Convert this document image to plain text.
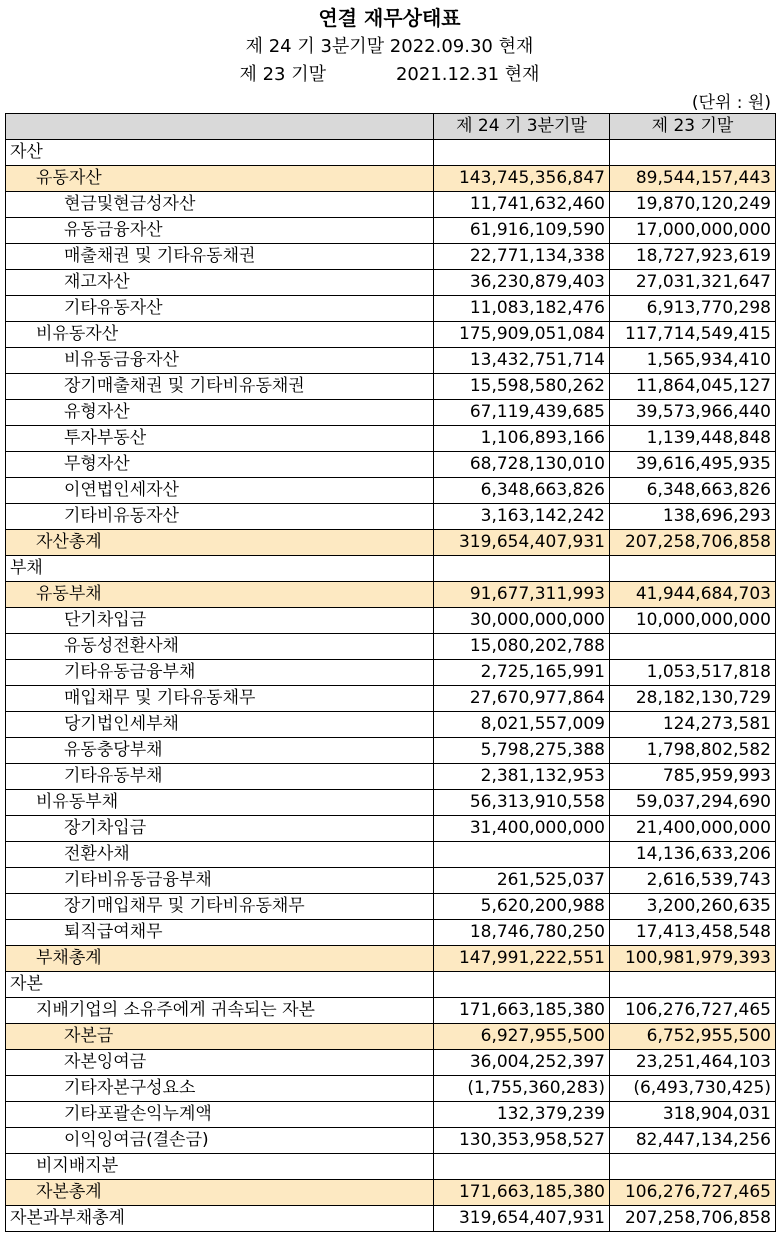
연결 재무상태표
제 24 기 3분기말 2022.09.30 현재
제 23 기말	2021.12.31 현재
(단위 : 원)
	제 24 기 3분기말	제 23 기말
자산		
유동자산	143,745,356,847	89,544,157,443
현금및현금성자산	11,741,632,460	19,870,120,249
유동금융자산	61,916,109,590	17,000,000,000
매출채권 및 기타유동채권	22,771,134,338	18,727,923,619
재고자산	36,230,879,403	27,031,321,647
기타유동자산	11,083,182,476	6,913,770,298
비유동자산	175,909,051,084	117,714,549,415
비유동금융자산	13,432,751,714	1,565,934,410
장기매출채권 및 기타비유동채권	15,598,580,262	11,864,045,127
유형자산	67,119,439,685	39,573,966,440
투자부동산	1,106,893,166	1,139,448,848
무형자산	68,728,130,010	39,616,495,935
이연법인세자산	6,348,663,826	6,348,663,826
기타비유동자산	3,163,142,242	138,696,293
자산총계	319,654,407,931	207,258,706,858
부채		
유동부채	91,677,311,993	41,944,684,703
단기차입금	30,000,000,000	10,000,000,000
유동성전환사채	15,080,202,788	
기타유동금융부채	2,725,165,991	1,053,517,818
매입채무 및 기타유동채무	27,670,977,864	28,182,130,729
당기법인세부채	8,021,557,009	124,273,581
유동충당부채	5,798,275,388	1,798,802,582
기타유동부채	2,381,132,953	785,959,993
비유동부채	56,313,910,558	59,037,294,690
장기차입금	31,400,000,000	21,400,000,000
전환사채		14,136,633,206
기타비유동금융부채	261,525,037	2,616,539,743
장기매입채무 및 기타비유동채무	5,620,200,988	3,200,260,635
퇴직급여채무	18,746,780,250	17,413,458,548
부채총계	147,991,222,551	100,981,979,393
자본		
지배기업의 소유주에게 귀속되는 자본	171,663,185,380	106,276,727,465
자본금	6,927,955,500	6,752,955,500
자본잉여금	36,004,252,397	23,251,464,103
기타자본구성요소	(1,755,360,283)	(6,493,730,425)
기타포괄손익누계액	132,379,239	318,904,031
이익잉여금(결손금)	130,353,958,527	82,447,134,256
비지배지분		
자본총계	171,663,185,380	106,276,727,465
자본과부채총계	319,654,407,931	207,258,706,858
